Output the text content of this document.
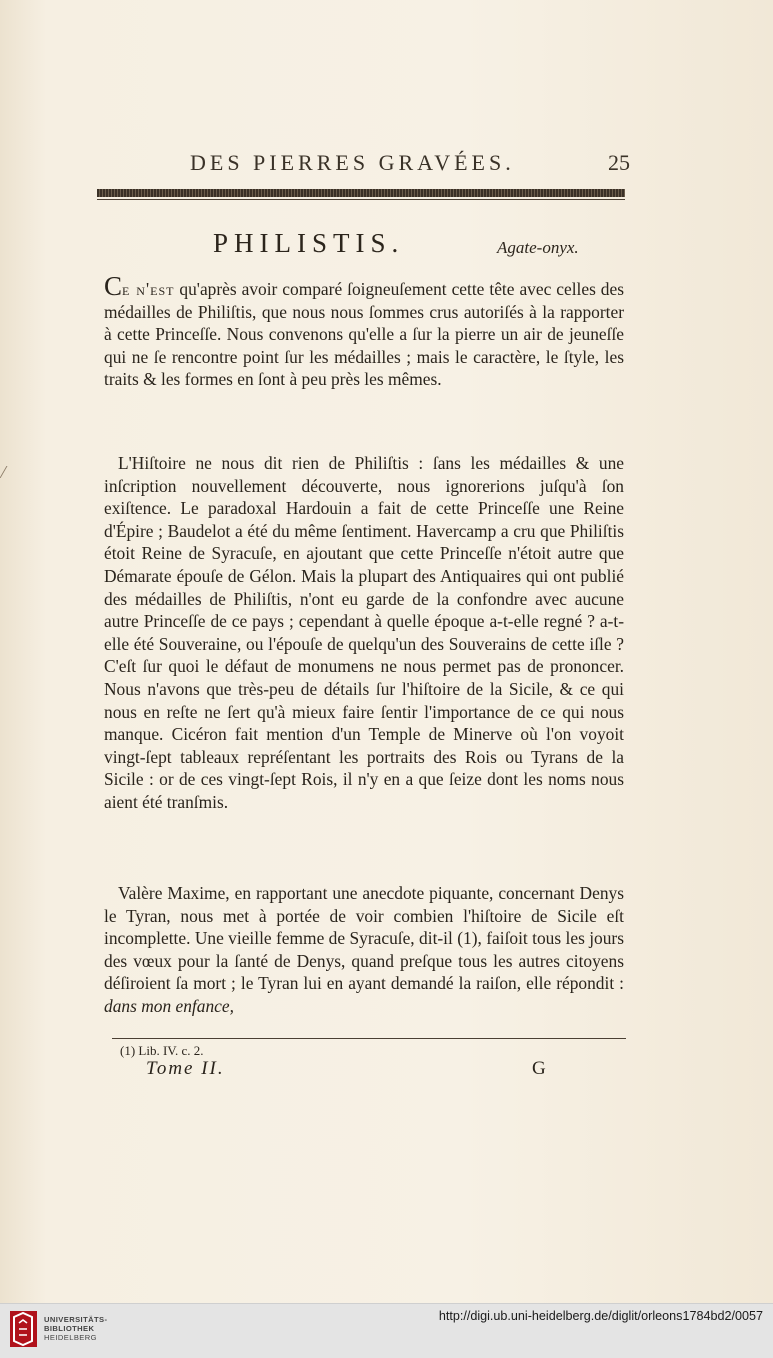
DES PIERRES GRAVÉES.	25
PHILISTIS.	Agate-onyx.

Ce n'est qu'après avoir comparé ſoigneuſement cette tête avec celles des médailles de Philiſtis, que nous nous ſommes crus autoriſés à la rapporter à cette Princeſſe. Nous convenons qu'elle a ſur la pierre un air de jeuneſſe qui ne ſe rencontre point ſur les médailles ; mais le caractère, le ſtyle, les traits & les formes en ſont à peu près les mêmes.

L'Hiſtoire ne nous dit rien de Philiſtis : ſans les médailles & une inſcription nouvellement découverte, nous ignorerions juſqu'à ſon exiſtence. Le paradoxal Hardouin a fait de cette Princeſſe une Reine d'Épire ; Baudelot a été du même ſentiment. Havercamp a cru que Philiſtis étoit Reine de Syracuſe, en ajoutant que cette Princeſſe n'étoit autre que Démarate épouſe de Gélon. Mais la plupart des Antiquaires qui ont publié des médailles de Philiſtis, n'ont eu garde de la confondre avec aucune autre Princeſſe de ce pays ; cependant à quelle époque a-t-elle regné ? a-t-elle été Souveraine, ou l'épouſe de quelqu'un des Souverains de cette iſle ? C'eſt ſur quoi le défaut de monumens ne nous permet pas de prononcer. Nous n'avons que très-peu de détails ſur l'hiſtoire de la Sicile, & ce qui nous en reſte ne ſert qu'à mieux faire ſentir l'importance de ce qui nous manque. Cicéron fait mention d'un Temple de Minerve où l'on voyoit vingt-ſept tableaux repréſentant les portraits des Rois ou Tyrans de la Sicile : or de ces vingt-ſept Rois, il n'y en a que ſeize dont les noms nous aient été tranſmis.
Valère Maxime, en rapportant une anecdote piquante, concernant Denys le Tyran, nous met à portée de voir combien l'hiſtoire de Sicile eſt incomplette. Une vieille femme de Syracuſe, dit-il (1), faiſoit tous les jours des vœux pour la ſanté de Denys, quand preſque tous les autres citoyens déſiroient ſa mort ; le Tyran lui en ayant demandé la raiſon, elle répondit : dans mon enfance,
(1) Lib. IV. c. 2.
Tome II.	G
UNIVERSITÄTS-
BIBLIOTHEK
HEIDELBERG
http://digi.ub.uni-heidelberg.de/diglit/orleons1784bd2/0057
